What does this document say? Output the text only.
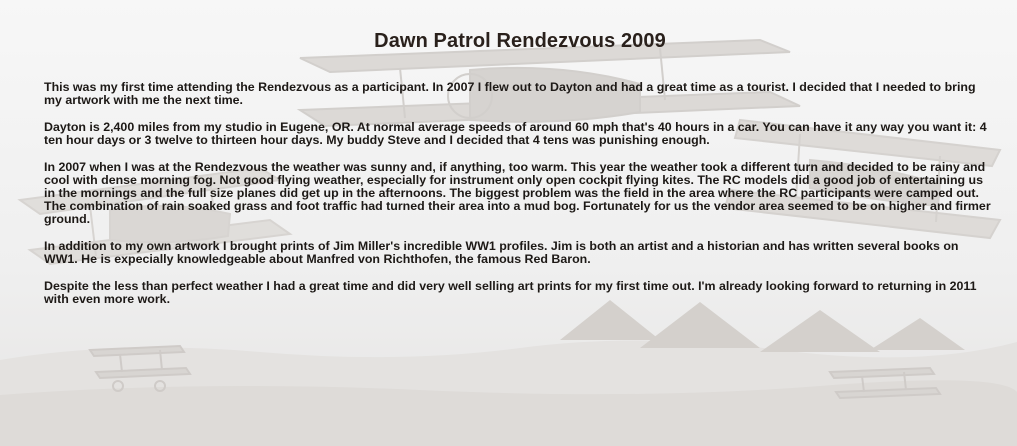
Dawn Patrol Rendezvous 2009

This was my first time attending the Rendezvous as a participant. In 2007 I flew out to Dayton and had a great time as a tourist. I decided that I needed to bring my artwork with me the next time.

Dayton is 2,400 miles from my studio in Eugene, OR. At normal average speeds of around 60 mph that's 40 hours in a car. You can have it any way you want it: 4 ten hour days or 3 twelve to thirteen hour days. My buddy Steve and I decided that 4 tens was punishing enough.

In 2007 when I was at the Rendezvous the weather was sunny and, if anything, too warm. This year the weather took a different turn and decided to be rainy and cool with dense morning fog. Not good flying weather, especially for instrument only open cockpit flying kites. The RC models did a good job of entertaining us in the mornings and the full size planes did get up in the afternoons. The biggest problem was the field in the area where the RC participants were camped out. The combination of rain soaked grass and foot traffic had turned their area into a mud bog. Fortunately for us the vendor area seemed to be on higher and firmer ground.

In addition to my own artwork I brought prints of Jim Miller's incredible WW1 profiles. Jim is both an artist and a historian and has written several books on WW1. He is expecially knowledgeable about Manfred von Richthofen, the famous Red Baron.

Despite the less than perfect weather I had a great time and did very well selling art prints for my first time out. I'm already looking forward to returning in 2011 with even more work.
